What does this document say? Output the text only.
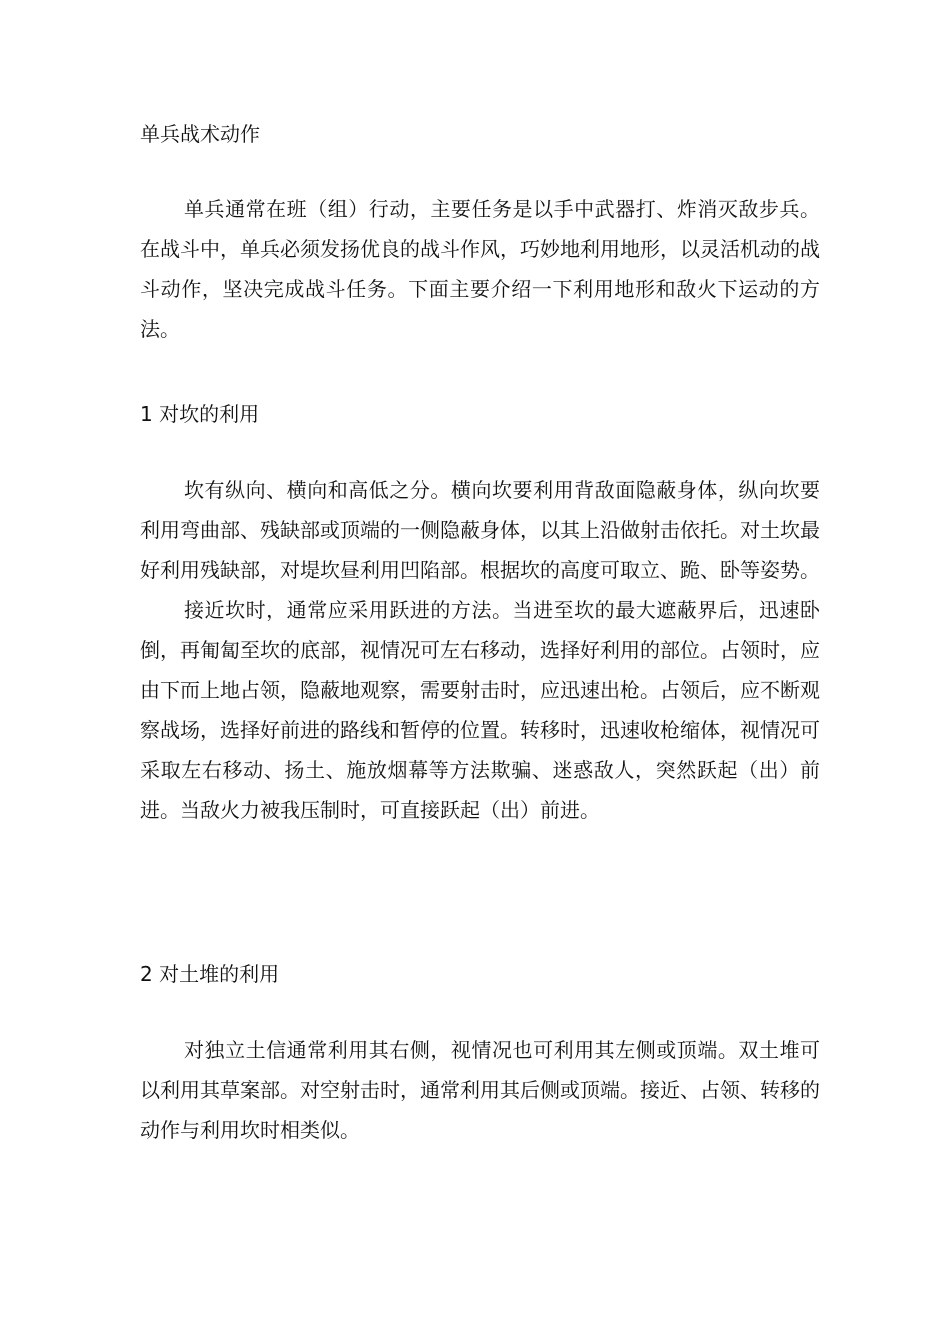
单兵战术动作

单兵通常在班（组）行动，主要任务是以手中武器打、炸消灭敌步兵。在战斗中，单兵必须发扬优良的战斗作风，巧妙地利用地形，以灵活机动的战斗动作，坚决完成战斗任务。下面主要介绍一下利用地形和敌火下运动的方法。

1 对坎的利用

坎有纵向、横向和高低之分。横向坎要利用背敌面隐蔽身体，纵向坎要利用弯曲部、残缺部或顶端的一侧隐蔽身体，以其上沿做射击依托。对土坎最好利用残缺部，对堤坎昼利用凹陷部。根据坎的高度可取立、跪、卧等姿势。

接近坎时，通常应采用跃进的方法。当进至坎的最大遮蔽界后，迅速卧倒，再匍匐至坎的底部，视情况可左右移动，选择好利用的部位。占领时，应由下而上地占领，隐蔽地观察，需要射击时，应迅速出枪。占领后，应不断观察战场，选择好前进的路线和暂停的位置。转移时，迅速收枪缩体，视情况可采取左右移动、扬土、施放烟幕等方法欺骗、迷惑敌人，突然跃起（出）前进。当敌火力被我压制时，可直接跃起（出）前进。

2 对土堆的利用

对独立土信通常利用其右侧，视情况也可利用其左侧或顶端。双土堆可以利用其草案部。对空射击时，通常利用其后侧或顶端。接近、占领、转移的动作与利用坎时相类似。
